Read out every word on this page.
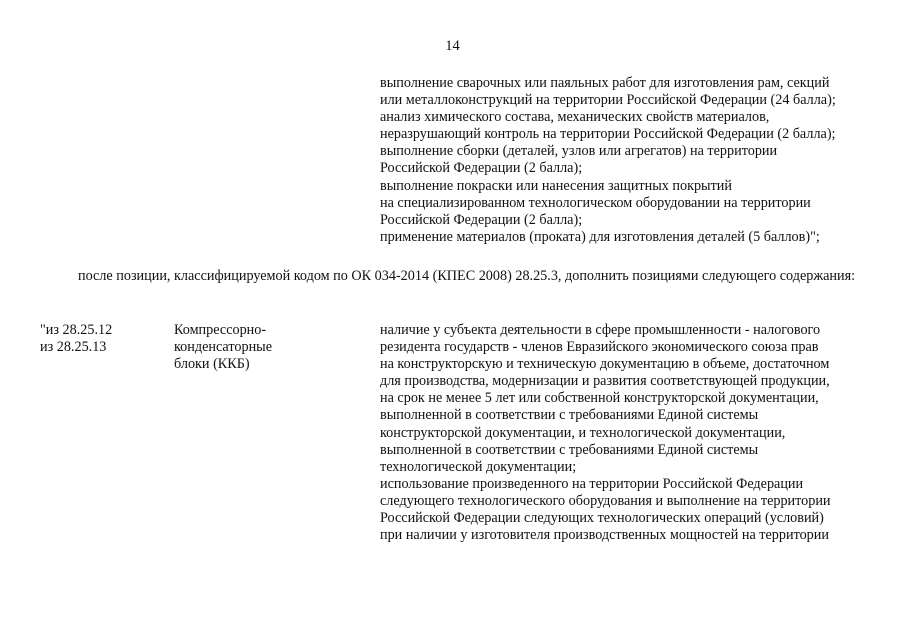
14
выполнение сварочных или паяльных работ для изготовления рам, секций
или металлоконструкций на территории Российской Федерации (24 балла);
анализ химического состава, механических свойств материалов,
неразрушающий контроль на территории Российской Федерации (2 балла);
выполнение сборки (деталей, узлов или агрегатов) на территории
Российской Федерации (2 балла);
выполнение покраски или нанесения защитных покрытий
на специализированном технологическом оборудовании на территории
Российской Федерации (2 балла);
применение материалов (проката) для изготовления деталей (5 баллов)";
после позиции, классифицируемой кодом по ОК 034-2014 (КПЕС 2008) 28.25.3, дополнить позициями следующего содержания:
"из 28.25.12
из 28.25.13
Компрессорно-
конденсаторные
блоки (ККБ)
наличие у субъекта деятельности в сфере промышленности - налогового
резидента государств - членов Евразийского экономического союза прав
на конструкторскую и техническую документацию в объеме, достаточном
для производства, модернизации и развития соответствующей продукции,
на срок не менее 5 лет или собственной конструкторской документации,
выполненной в соответствии с требованиями Единой системы
конструкторской документации, и технологической документации,
выполненной в соответствии с требованиями Единой системы
технологической документации;
использование произведенного на территории Российской Федерации
следующего технологического оборудования и выполнение на территории
Российской Федерации следующих технологических операций (условий)
при наличии у изготовителя производственных мощностей на территории
